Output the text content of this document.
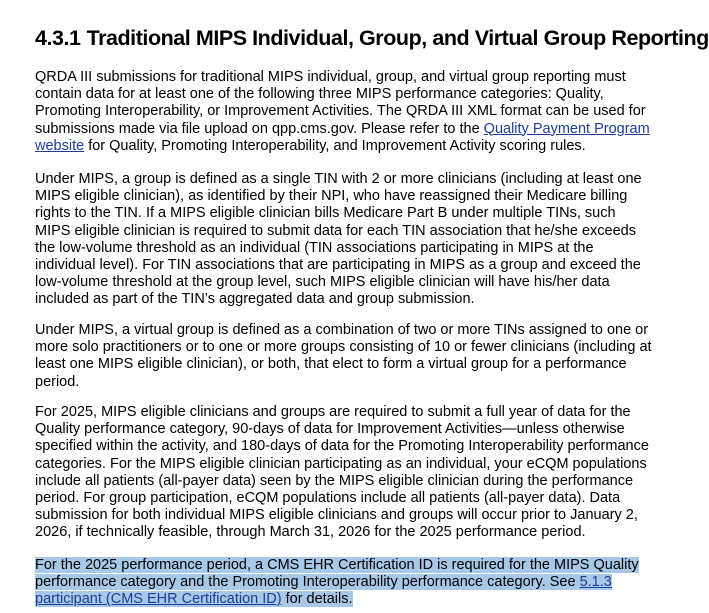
4.3.1 Traditional MIPS Individual, Group, and Virtual Group Reporting

QRDA III submissions for traditional MIPS individual, group, and virtual group reporting must
contain data for at least one of the following three MIPS performance categories: Quality,
Promoting Interoperability, or Improvement Activities. The QRDA III XML format can be used for
submissions made via file upload on qpp.cms.gov. Please refer to the Quality Payment Program
website for Quality, Promoting Interoperability, and Improvement Activity scoring rules.

Under MIPS, a group is defined as a single TIN with 2 or more clinicians (including at least one
MIPS eligible clinician), as identified by their NPI, who have reassigned their Medicare billing
rights to the TIN. If a MIPS eligible clinician bills Medicare Part B under multiple TINs, such
MIPS eligible clinician is required to submit data for each TIN association that he/she exceeds
the low-volume threshold as an individual (TIN associations participating in MIPS at the
individual level). For TIN associations that are participating in MIPS as a group and exceed the
low-volume threshold at the group level, such MIPS eligible clinician will have his/her data
included as part of the TIN’s aggregated data and group submission.

Under MIPS, a virtual group is defined as a combination of two or more TINs assigned to one or
more solo practitioners or to one or more groups consisting of 10 or fewer clinicians (including at
least one MIPS eligible clinician), or both, that elect to form a virtual group for a performance
period.

For 2025, MIPS eligible clinicians and groups are required to submit a full year of data for the
Quality performance category, 90-days of data for Improvement Activities—unless otherwise
specified within the activity, and 180-days of data for the Promoting Interoperability performance
categories. For the MIPS eligible clinician participating as an individual, your eCQM populations
include all patients (all-payer data) seen by the MIPS eligible clinician during the performance
period. For group participation, eCQM populations include all patients (all-payer data). Data
submission for both individual MIPS eligible clinicians and groups will occur prior to January 2,
2026, if technically feasible, through March 31, 2026 for the 2025 performance period.

For the 2025 performance period, a CMS EHR Certification ID is required for the MIPS Quality
performance category and the Promoting Interoperability performance category. See 5.1.3
participant (CMS EHR Certification ID) for details.
